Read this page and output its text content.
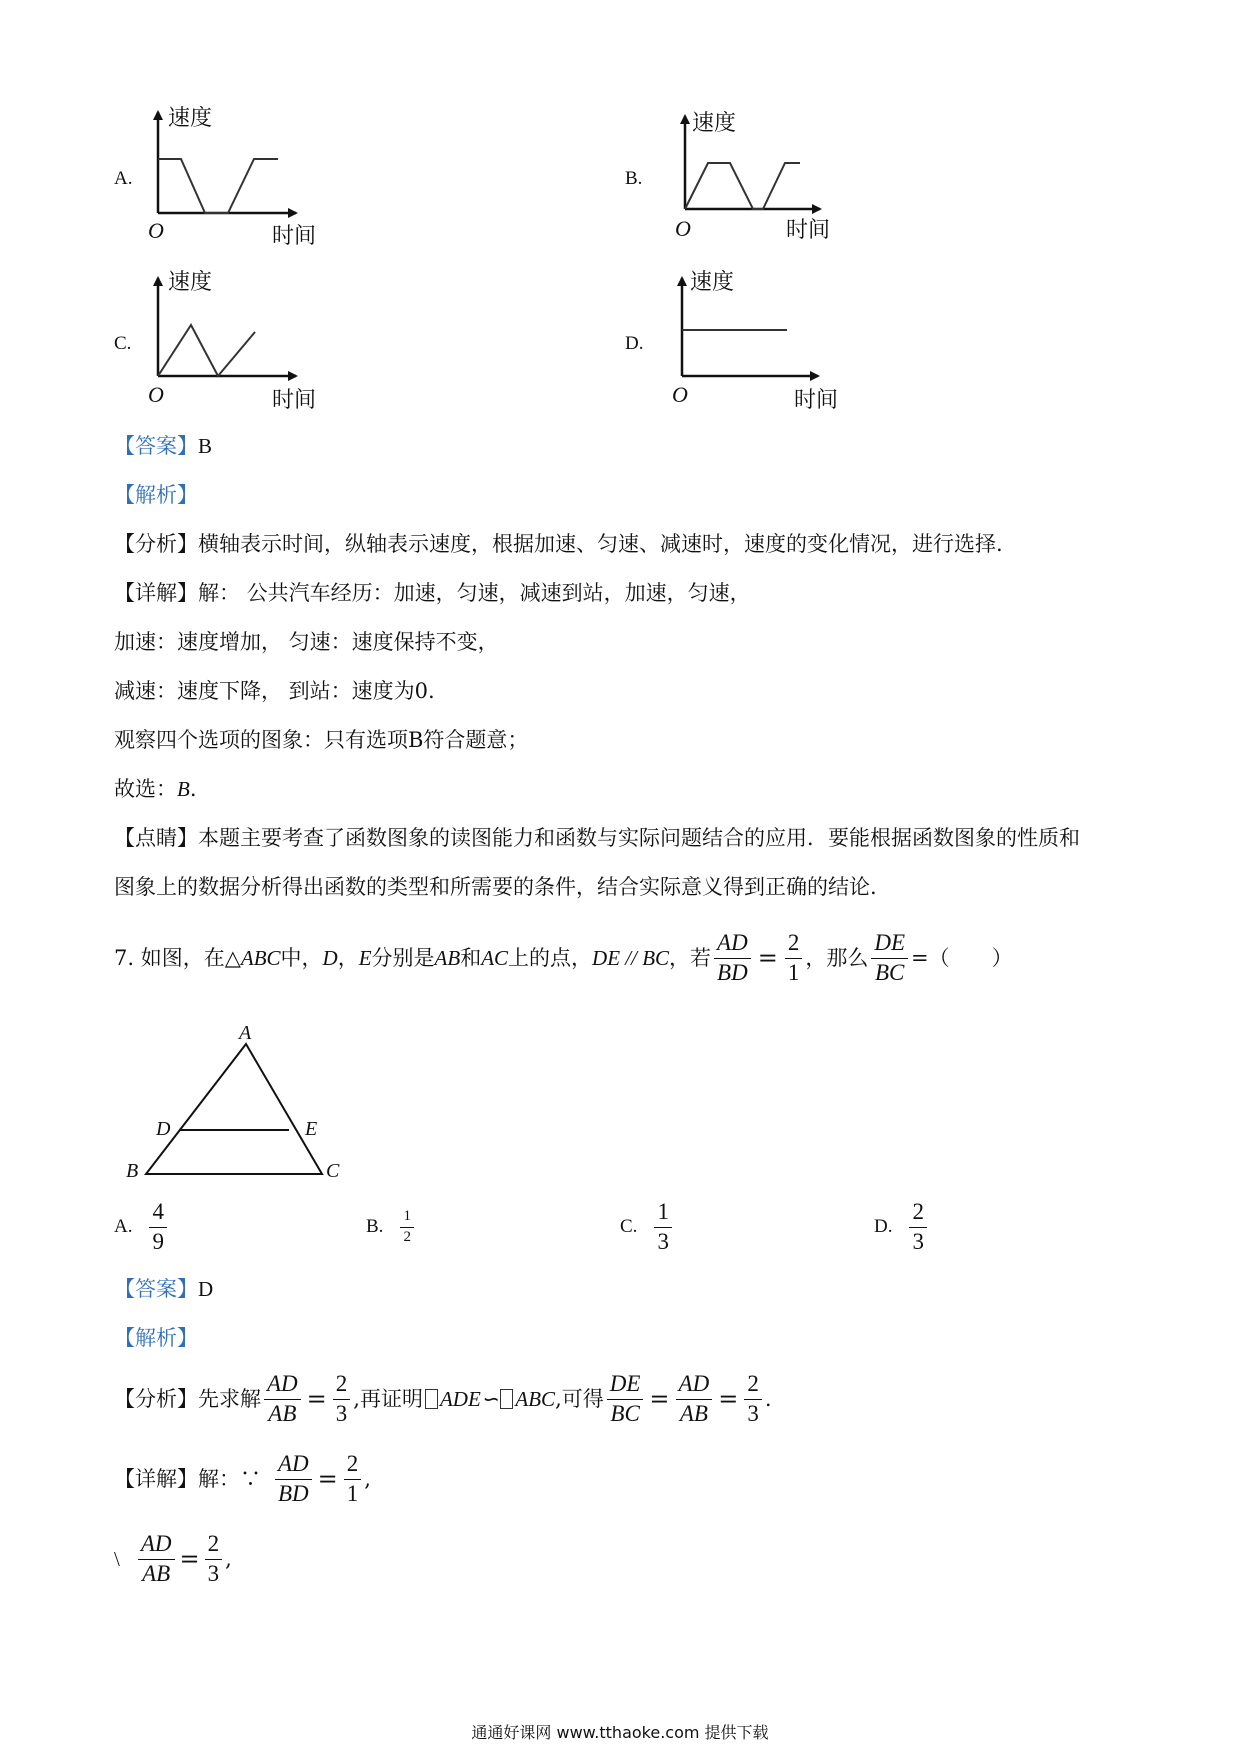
A.
速度
O	时间
B.
速度
O	时间
C.
速度
O	时间
D.
速度
O	时间
【答案】B
【解析】
【分析】横轴表示时间，纵轴表示速度，根据加速、匀速、减速时，速度的变化情况，进行选择.
【详解】解： 公共汽车经历：加速，匀速，减速到站，加速，匀速，
加速：速度增加， 匀速：速度保持不变，
减速：速度下降， 到站：速度为0.
观察四个选项的图象：只有选项B符合题意；
故选：B.
【点睛】本题主要考查了函数图象的读图能力和函数与实际问题结合的应用．要能根据函数图象的性质和
图象上的数据分析得出函数的类型和所需要的条件，结合实际意义得到正确的结论.
7. 如图，在△ ABC 中， D ， E 分别是 AB 和 AC 上的点， DE // BC ，若 $\frac{AD}{BD} = \frac{2}{1}$ ，那么 $\frac{DE}{BC}$ =（　　）
A
D	E
B	C
A. $\frac{4}{9}$	B. $\frac{1}{2}$	C. $\frac{1}{3}$	D. $\frac{2}{3}$
【答案】D
【解析】
【分析】 先求解 $\frac{AD}{AB} = \frac{2}{3}$ ,再证明 ADE∽ ABC ,可得 $\frac{DE}{BC} = \frac{AD}{AB} = \frac{2}{3}$ .
【详解】 解：∵ $\frac{AD}{BD} = \frac{2}{1}$ ,
\ $\frac{AD}{AB} = \frac{2}{3}$ ,
通通好课网 www.tthaoke.com 提供下载
